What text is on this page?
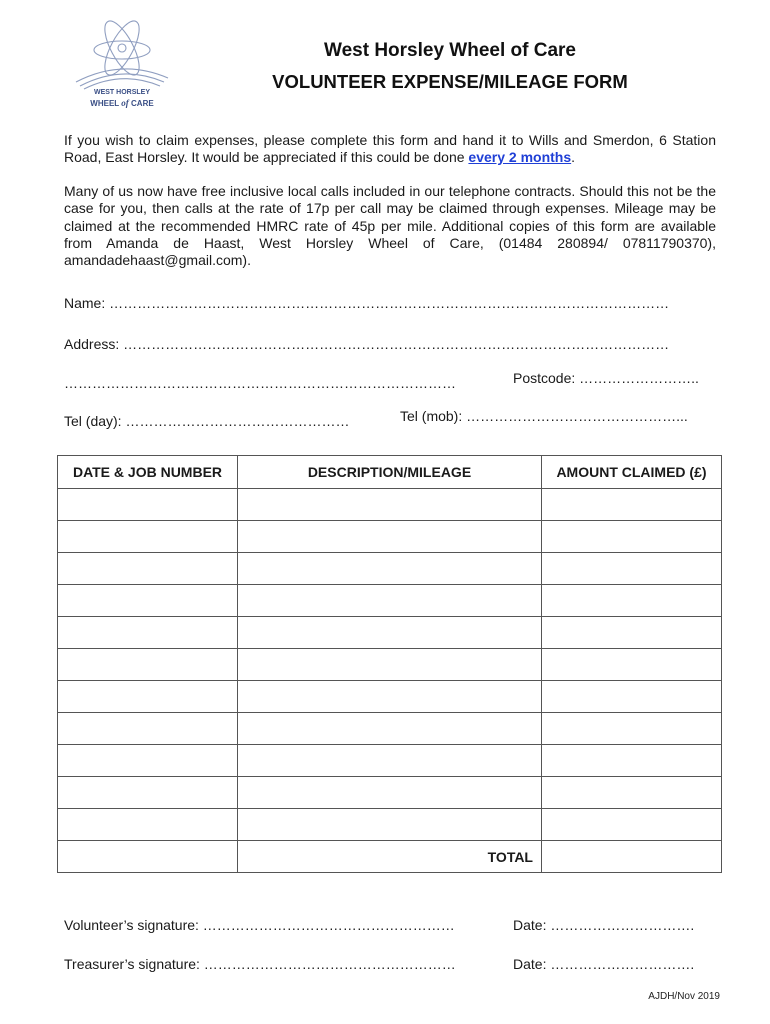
WEST HORSLEY
WHEEL of CARE
West Horsley Wheel of Care
VOLUNTEER EXPENSE/MILEAGE FORM
If you wish to claim expenses, please complete this form and hand it to Wills and Smerdon, 6 Station Road, East Horsley. It would be appreciated if this could be done every 2 months.
Many of us now have free inclusive local calls included in our telephone contracts. Should this not be the case for you, then calls at the rate of 17p per call may be claimed through expenses. Mileage may be claimed at the recommended HMRC rate of 45p per mile. Additional copies of this form are available from Amanda de Haast, West Horsley Wheel of Care, (01484 280894/ 07811790370), amandadehaast@gmail.com).
Name: …………………………………………………………………………………………………………
Address: ………………………………………………………………………………………………………
…………………………………………………………………………	Postcode: ……………………..
Tel (day): …………………………………………	Tel (mob): ………………………………………...
DATE & JOB NUMBER	DESCRIPTION/MILEAGE	AMOUNT CLAIMED (£)

	TOTAL	
Volunteer’s signature: ………………………………………………	Date: ………………………….
Treasurer’s signature: ………………………………………………	Date: ………………………….
AJDH/Nov 2019
